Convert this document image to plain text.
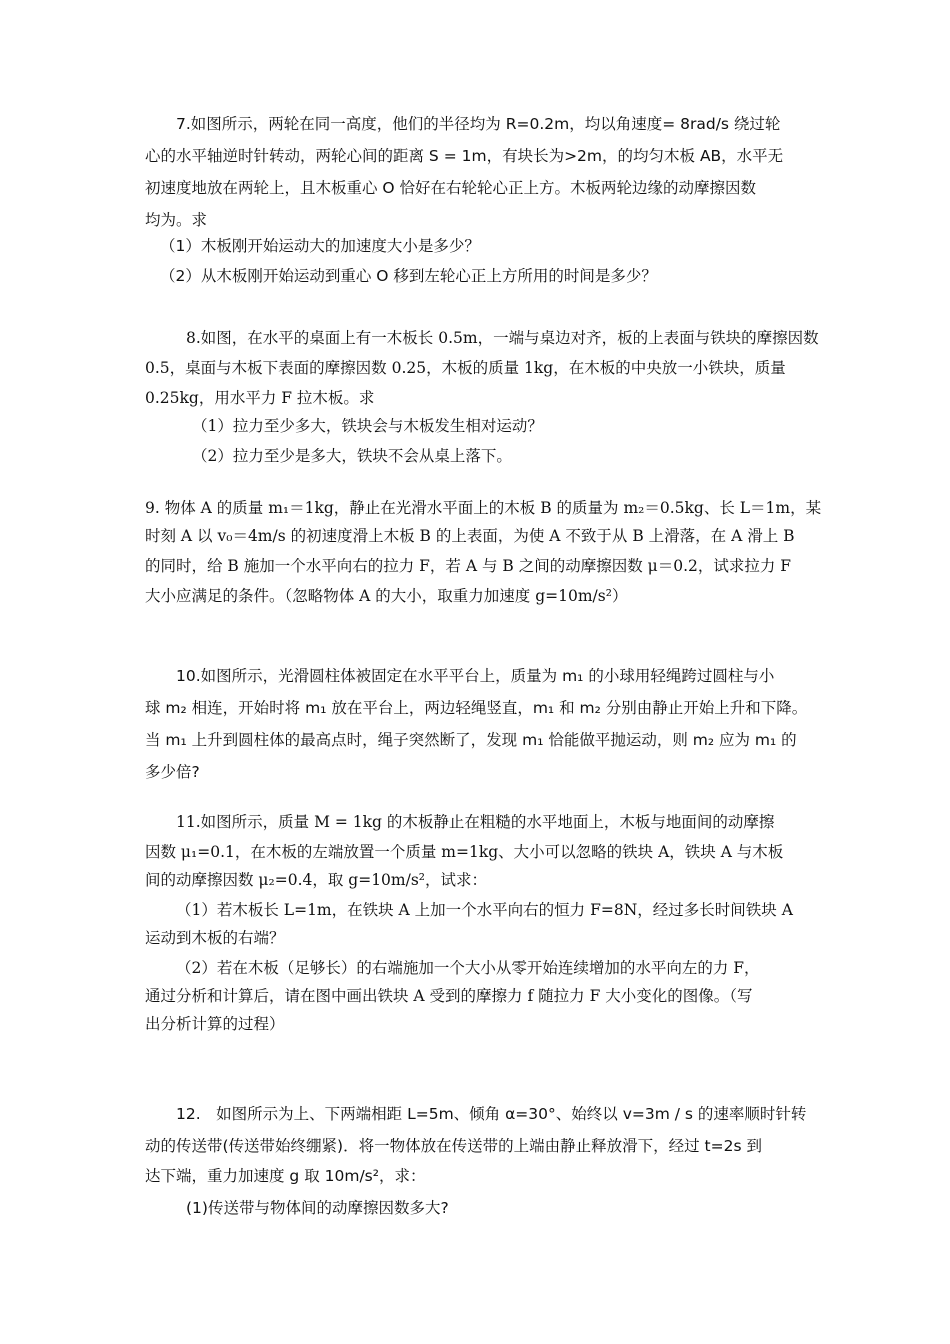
7.如图所示，两轮在同一高度，他们的半径均为 R=0.2m，均以角速度= 8rad/s 绕过轮
心的水平轴逆时针转动，两轮心间的距离 S = 1m，有块长为>2m，的均匀木板 AB，水平无
初速度地放在两轮上，且木板重心 O 恰好在右轮轮心正上方。木板两轮边缘的动摩擦因数
均为。求
（1）木板刚开始运动大的加速度大小是多少？
（2）从木板刚开始运动到重心 O 移到左轮心正上方所用的时间是多少？
8.如图，在水平的桌面上有一木板长 0.5m，一端与桌边对齐，板的上表面与铁块的摩擦因数
0.5，桌面与木板下表面的摩擦因数 0.25，木板的质量 1kg，在木板的中央放一小铁块，质量
0.25kg，用水平力 F 拉木板。求
（1）拉力至少多大，铁块会与木板发生相对运动？
（2）拉力至少是多大，铁块不会从桌上落下。
9. 物体 A 的质量 m₁＝1kg，静止在光滑水平面上的木板 B 的质量为 m₂＝0.5kg、长 L＝1m，某
时刻 A 以 v₀＝4m/s 的初速度滑上木板 B 的上表面，为使 A 不致于从 B 上滑落，在 A 滑上 B
的同时，给 B 施加一个水平向右的拉力 F，若 A 与 B 之间的动摩擦因数 μ＝0.2，试求拉力 F
大小应满足的条件。（忽略物体 A 的大小，取重力加速度 g=10m/s²）
10.如图所示，光滑圆柱体被固定在水平平台上，质量为 m₁ 的小球用轻绳跨过圆柱与小
球 m₂ 相连，开始时将 m₁ 放在平台上，两边轻绳竖直，m₁ 和 m₂ 分别由静止开始上升和下降。
当 m₁ 上升到圆柱体的最高点时，绳子突然断了，发现 m₁ 恰能做平抛运动，则 m₂ 应为 m₁ 的
多少倍?
11.如图所示，质量 M = 1kg 的木板静止在粗糙的水平地面上，木板与地面间的动摩擦
因数 μ₁=0.1，在木板的左端放置一个质量 m=1kg、大小可以忽略的铁块 A，铁块 A 与木板
间的动摩擦因数 μ₂=0.4，取 g=10m/s²，试求：
（1）若木板长 L=1m，在铁块 A 上加一个水平向右的恒力 F=8N，经过多长时间铁块 A
运动到木板的右端？
（2）若在木板（足够长）的右端施加一个大小从零开始连续增加的水平向左的力 F，
通过分析和计算后，请在图中画出铁块 A 受到的摩擦力 f 随拉力 F 大小变化的图像。（写
出分析计算的过程）
12.　如图所示为上、下两端相距 L=5m、倾角 α=30°、始终以 v=3m / s 的速率顺时针转
动的传送带(传送带始终绷紧)．将一物体放在传送带的上端由静止释放滑下，经过 t=2s 到
达下端，重力加速度 g 取 10m/s²，求：
(1)传送带与物体间的动摩擦因数多大?
